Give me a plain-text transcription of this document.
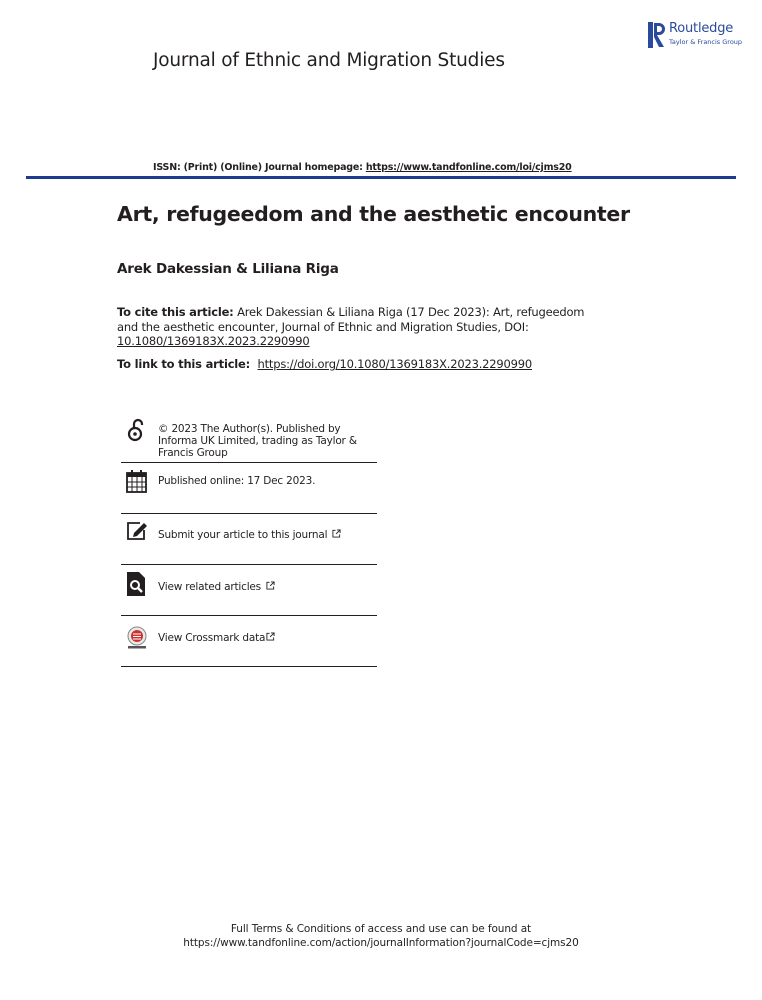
Routledge
Taylor & Francis Group
Journal of Ethnic and Migration Studies
ISSN: (Print) (Online) Journal homepage: https://www.tandfonline.com/loi/cjms20
Art, refugeedom and the aesthetic encounter
Arek Dakessian & Liliana Riga
To cite this article: Arek Dakessian & Liliana Riga (17 Dec 2023): Art, refugeedom and the aesthetic encounter, Journal of Ethnic and Migration Studies, DOI: 10.1080/1369183X.2023.2290990
To link to this article: https://doi.org/10.1080/1369183X.2023.2290990
© 2023 The Author(s). Published by Informa UK Limited, trading as Taylor & Francis Group
Published online: 17 Dec 2023.
Submit your article to this journal
View related articles
View Crossmark data
Full Terms & Conditions of access and use can be found at
https://www.tandfonline.com/action/journalInformation?journalCode=cjms20
